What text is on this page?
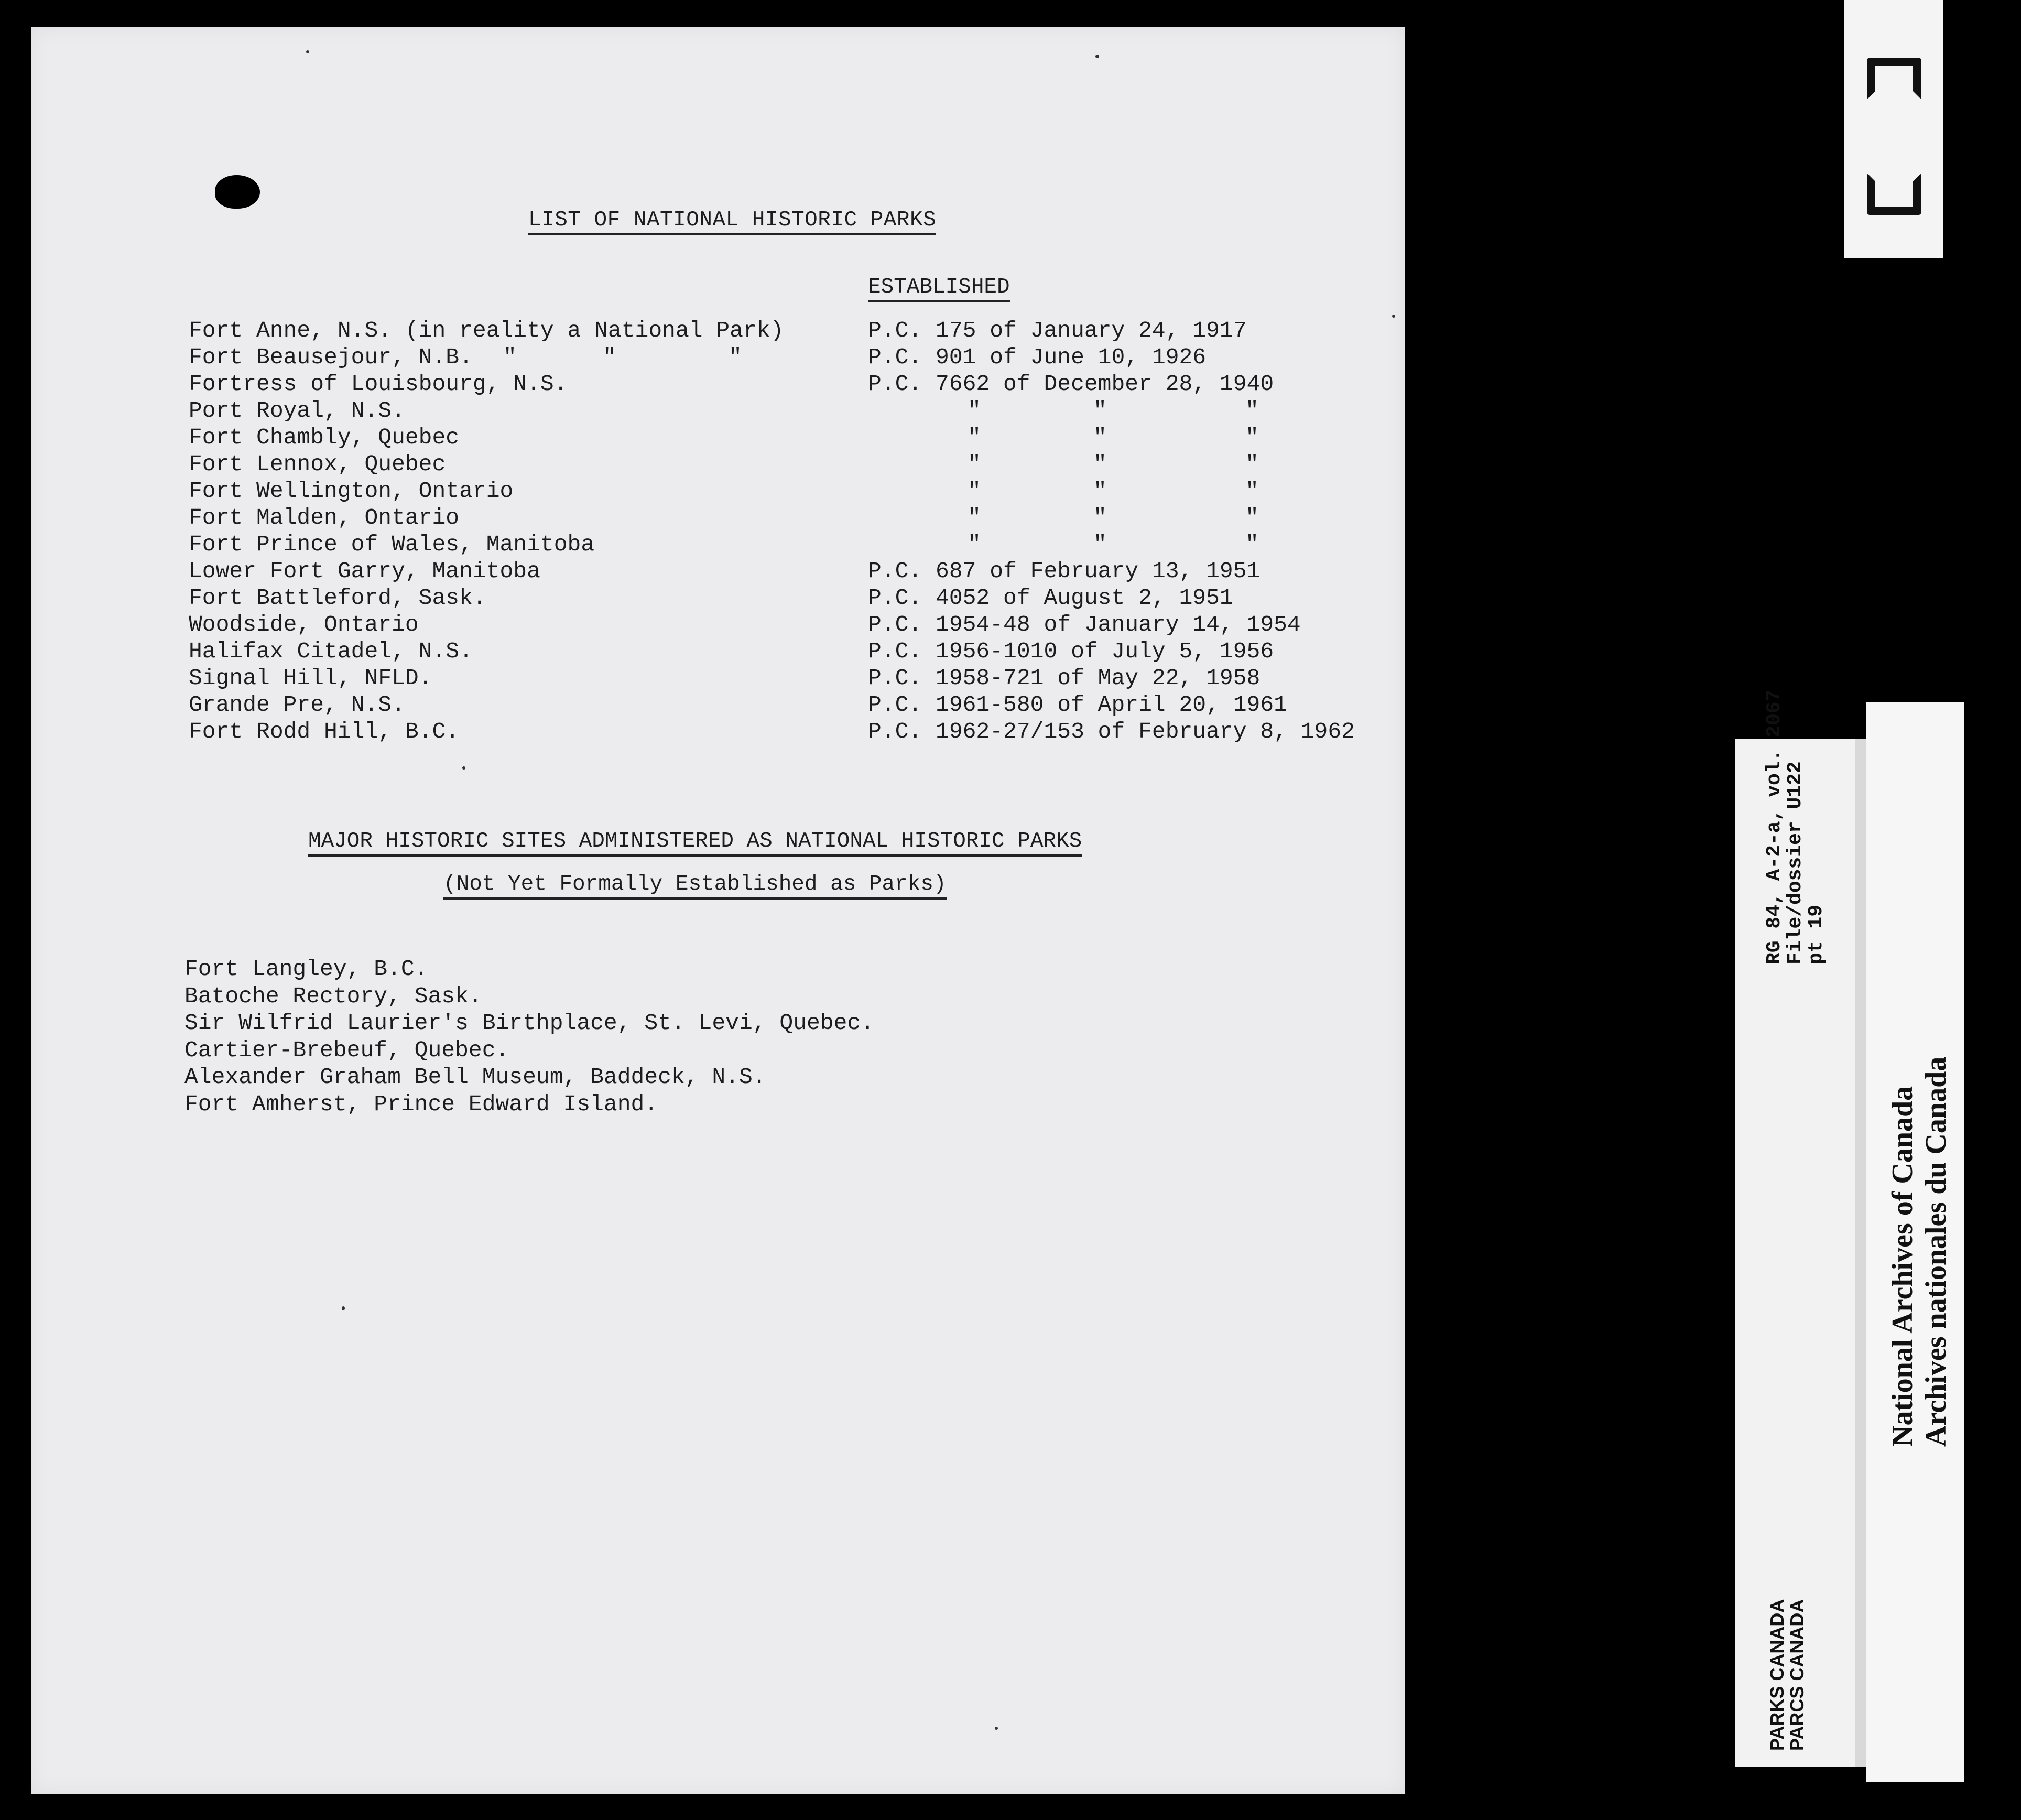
LIST OF NATIONAL HISTORIC PARKS
ESTABLISHED
Fort Anne, N.S. (in reality a National Park)	P.C. 175 of January 24, 1917
Fort Beausejour, N.B. "	"	"	P.C. 901 of June 10, 1926
Fortress of Louisbourg, N.S.	P.C. 7662 of December 28, 1940
Port Royal, N.S.	"	"	"
Fort Chambly, Quebec	"	"	"
Fort Lennox, Quebec	"	"	"
Fort Wellington, Ontario	"	"	"
Fort Malden, Ontario	"	"	"
Fort Prince of Wales, Manitoba	"	"	"
Lower Fort Garry, Manitoba	P.C. 687 of February 13, 1951
Fort Battleford, Sask.	P.C. 4052 of August 2, 1951
Woodside, Ontario	P.C. 1954-48 of January 14, 1954
Halifax Citadel, N.S.	P.C. 1956-1010 of July 5, 1956
Signal Hill, NFLD.	P.C. 1958-721 of May 22, 1958
Grande Pre, N.S.	P.C. 1961-580 of April 20, 1961
Fort Rodd Hill, B.C.	P.C. 1962-27/153 of February 8, 1962
MAJOR HISTORIC SITES ADMINISTERED AS NATIONAL HISTORIC PARKS
(Not Yet Formally Established as Parks)
Fort Langley, B.C.
Batoche Rectory, Sask.
Sir Wilfrid Laurier's Birthplace, St. Levi, Quebec.
Cartier-Brebeuf, Quebec.
Alexander Graham Bell Museum, Baddeck, N.S.
Fort Amherst, Prince Edward Island.
RG 84, A-2-a, vol. 2067
File/dossier U122
pt 19
PARKS CANADA
PARCS CANADA
National Archives of Canada Archives nationales du Canada
